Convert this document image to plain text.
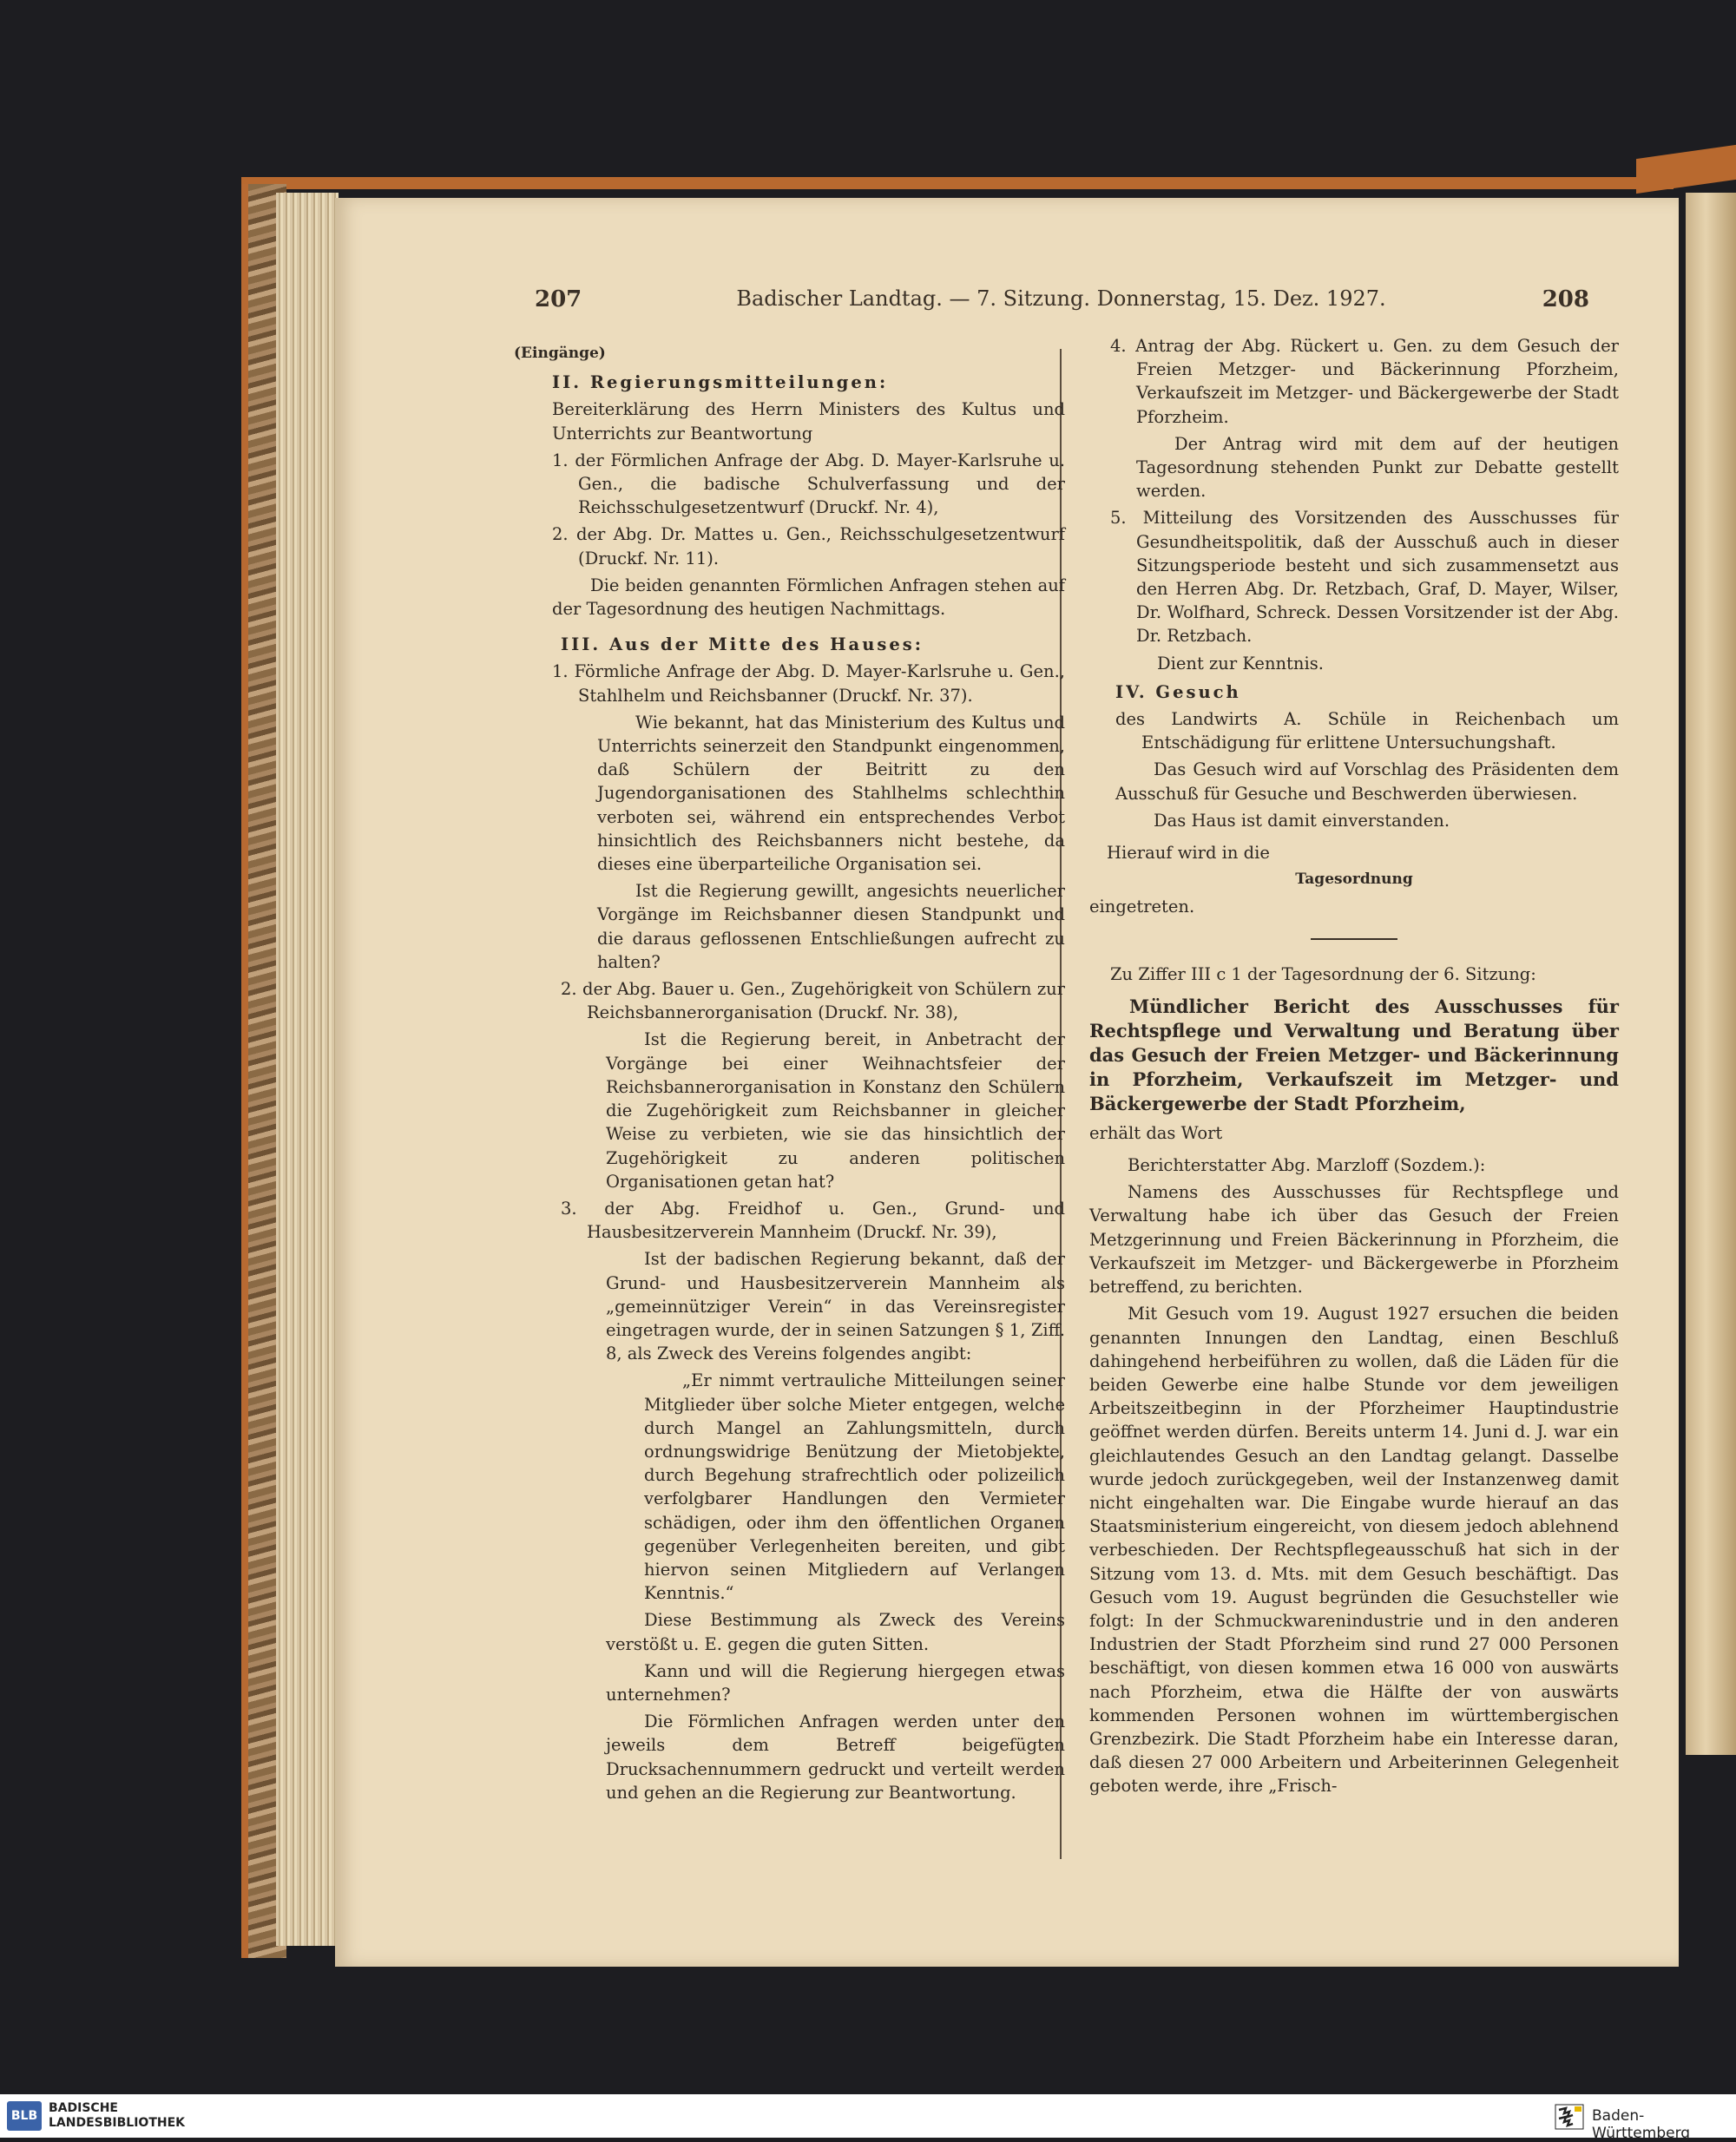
207	Badischer Landtag. — 7. Sitzung. Donnerstag, 15. Dez. 1927.	208

(Eingänge)

II. Regierungsmitteilungen:

Bereiterklärung des Herrn Ministers des Kultus und Unterrichts zur Beantwortung

1. der Förmlichen Anfrage der Abg. D. Mayer-Karlsruhe u. Gen., die badische Schulverfassung und der Reichsschulgesetzentwurf (Druckf. Nr. 4),

2. der Abg. Dr. Mattes u. Gen., Reichsschulgesetzentwurf (Druckf. Nr. 11).

Die beiden genannten Förmlichen Anfragen stehen auf der Tagesordnung des heutigen Nachmittags.

III. Aus der Mitte des Hauses:

1. Förmliche Anfrage der Abg. D. Mayer-Karlsruhe u. Gen., Stahlhelm und Reichsbanner (Druckf. Nr. 37).

Wie bekannt, hat das Ministerium des Kultus und Unterrichts seinerzeit den Standpunkt eingenommen, daß Schülern der Beitritt zu den Jugendorganisationen des Stahlhelms schlechthin verboten sei, während ein entsprechendes Verbot hinsichtlich des Reichsbanners nicht bestehe, da dieses eine überparteiliche Organisation sei.

Ist die Regierung gewillt, angesichts neuerlicher Vorgänge im Reichsbanner diesen Standpunkt und die daraus geflossenen Entschließungen aufrecht zu halten?

2. der Abg. Bauer u. Gen., Zugehörigkeit von Schülern zur Reichsbannerorganisation (Druckf. Nr. 38),

Ist die Regierung bereit, in Anbetracht der Vorgänge bei einer Weihnachtsfeier der Reichsbannerorganisation in Konstanz den Schülern die Zugehörigkeit zum Reichsbanner in gleicher Weise zu verbieten, wie sie das hinsichtlich der Zugehörigkeit zu anderen politischen Organisationen getan hat?

3. der Abg. Freidhof u. Gen., Grund- und Hausbesitzerverein Mannheim (Druckf. Nr. 39),

Ist der badischen Regierung bekannt, daß der Grund- und Hausbesitzerverein Mannheim als „gemeinnütziger Verein“ in das Vereinsregister eingetragen wurde, der in seinen Satzungen § 1, Ziff. 8, als Zweck des Vereins folgendes angibt:

„Er nimmt vertrauliche Mitteilungen seiner Mitglieder über solche Mieter entgegen, welche durch Mangel an Zahlungsmitteln, durch ordnungswidrige Benützung der Mietobjekte, durch Begehung strafrechtlich oder polizeilich verfolgbarer Handlungen den Vermieter schädigen, oder ihm den öffentlichen Organen gegenüber Verlegenheiten bereiten, und gibt hiervon seinen Mitgliedern auf Verlangen Kenntnis.“

Diese Bestimmung als Zweck des Vereins verstößt u. E. gegen die guten Sitten.

Kann und will die Regierung hiergegen etwas unternehmen?

Die Förmlichen Anfragen werden unter den jeweils dem Betreff beigefügten Drucksachennummern gedruckt und verteilt werden und gehen an die Regierung zur Beantwortung.

4. Antrag der Abg. Rückert u. Gen. zu dem Gesuch der Freien Metzger- und Bäckerinnung Pforzheim, Verkaufszeit im Metzger- und Bäckergewerbe der Stadt Pforzheim.

Der Antrag wird mit dem auf der heutigen Tagesordnung stehenden Punkt zur Debatte gestellt werden.

5. Mitteilung des Vorsitzenden des Ausschusses für Gesundheitspolitik, daß der Ausschuß auch in dieser Sitzungsperiode besteht und sich zusammensetzt aus den Herren Abg. Dr. Retzbach, Graf, D. Mayer, Wilser, Dr. Wolfhard, Schreck. Dessen Vorsitzender ist der Abg. Dr. Retzbach.

Dient zur Kenntnis.

IV. Gesuch

des Landwirts A. Schüle in Reichenbach um Entschädigung für erlittene Untersuchungshaft.

Das Gesuch wird auf Vorschlag des Präsidenten dem Ausschuß für Gesuche und Beschwerden überwiesen.

Das Haus ist damit einverstanden.

Hierauf wird in die

Tagesordnung

eingetreten.

Zu Ziffer III c 1 der Tagesordnung der 6. Sitzung:

Mündlicher Bericht des Ausschusses für Rechtspflege und Verwaltung und Beratung über das Gesuch der Freien Metzger- und Bäckerinnung in Pforzheim, Verkaufszeit im Metzger- und Bäckergewerbe der Stadt Pforzheim,

erhält das Wort

Berichterstatter Abg. Marzloff (Sozdem.):

Namens des Ausschusses für Rechtspflege und Verwaltung habe ich über das Gesuch der Freien Metzgerinnung und Freien Bäckerinnung in Pforzheim, die Verkaufszeit im Metzger- und Bäckergewerbe in Pforzheim betreffend, zu berichten.

Mit Gesuch vom 19. August 1927 ersuchen die beiden genannten Innungen den Landtag, einen Beschluß dahingehend herbeiführen zu wollen, daß die Läden für die beiden Gewerbe eine halbe Stunde vor dem jeweiligen Arbeitszeitbeginn in der Pforzheimer Hauptindustrie geöffnet werden dürfen. Bereits unterm 14. Juni d. J. war ein gleichlautendes Gesuch an den Landtag gelangt. Dasselbe wurde jedoch zurückgegeben, weil der Instanzenweg damit nicht eingehalten war. Die Eingabe wurde hierauf an das Staatsministerium eingereicht, von diesem jedoch ablehnend verbeschieden. Der Rechtspflegeausschuß hat sich in der Sitzung vom 13. d. Mts. mit dem Gesuch beschäftigt. Das Gesuch vom 19. August begründen die Gesuchsteller wie folgt: In der Schmuckwarenindustrie und in den anderen Industrien der Stadt Pforzheim sind rund 27 000 Personen beschäftigt, von diesen kommen etwa 16 000 von auswärts nach Pforzheim, etwa die Hälfte der von auswärts kommenden Personen wohnen im württembergischen Grenzbezirk. Die Stadt Pforzheim habe ein Interesse daran, daß diesen 27 000 Arbeitern und Arbeiterinnen Gelegenheit geboten werde, ihre „Frisch-

BLB
BADISCHE
LANDESBIBLIOTHEK	Baden-Württemberg
